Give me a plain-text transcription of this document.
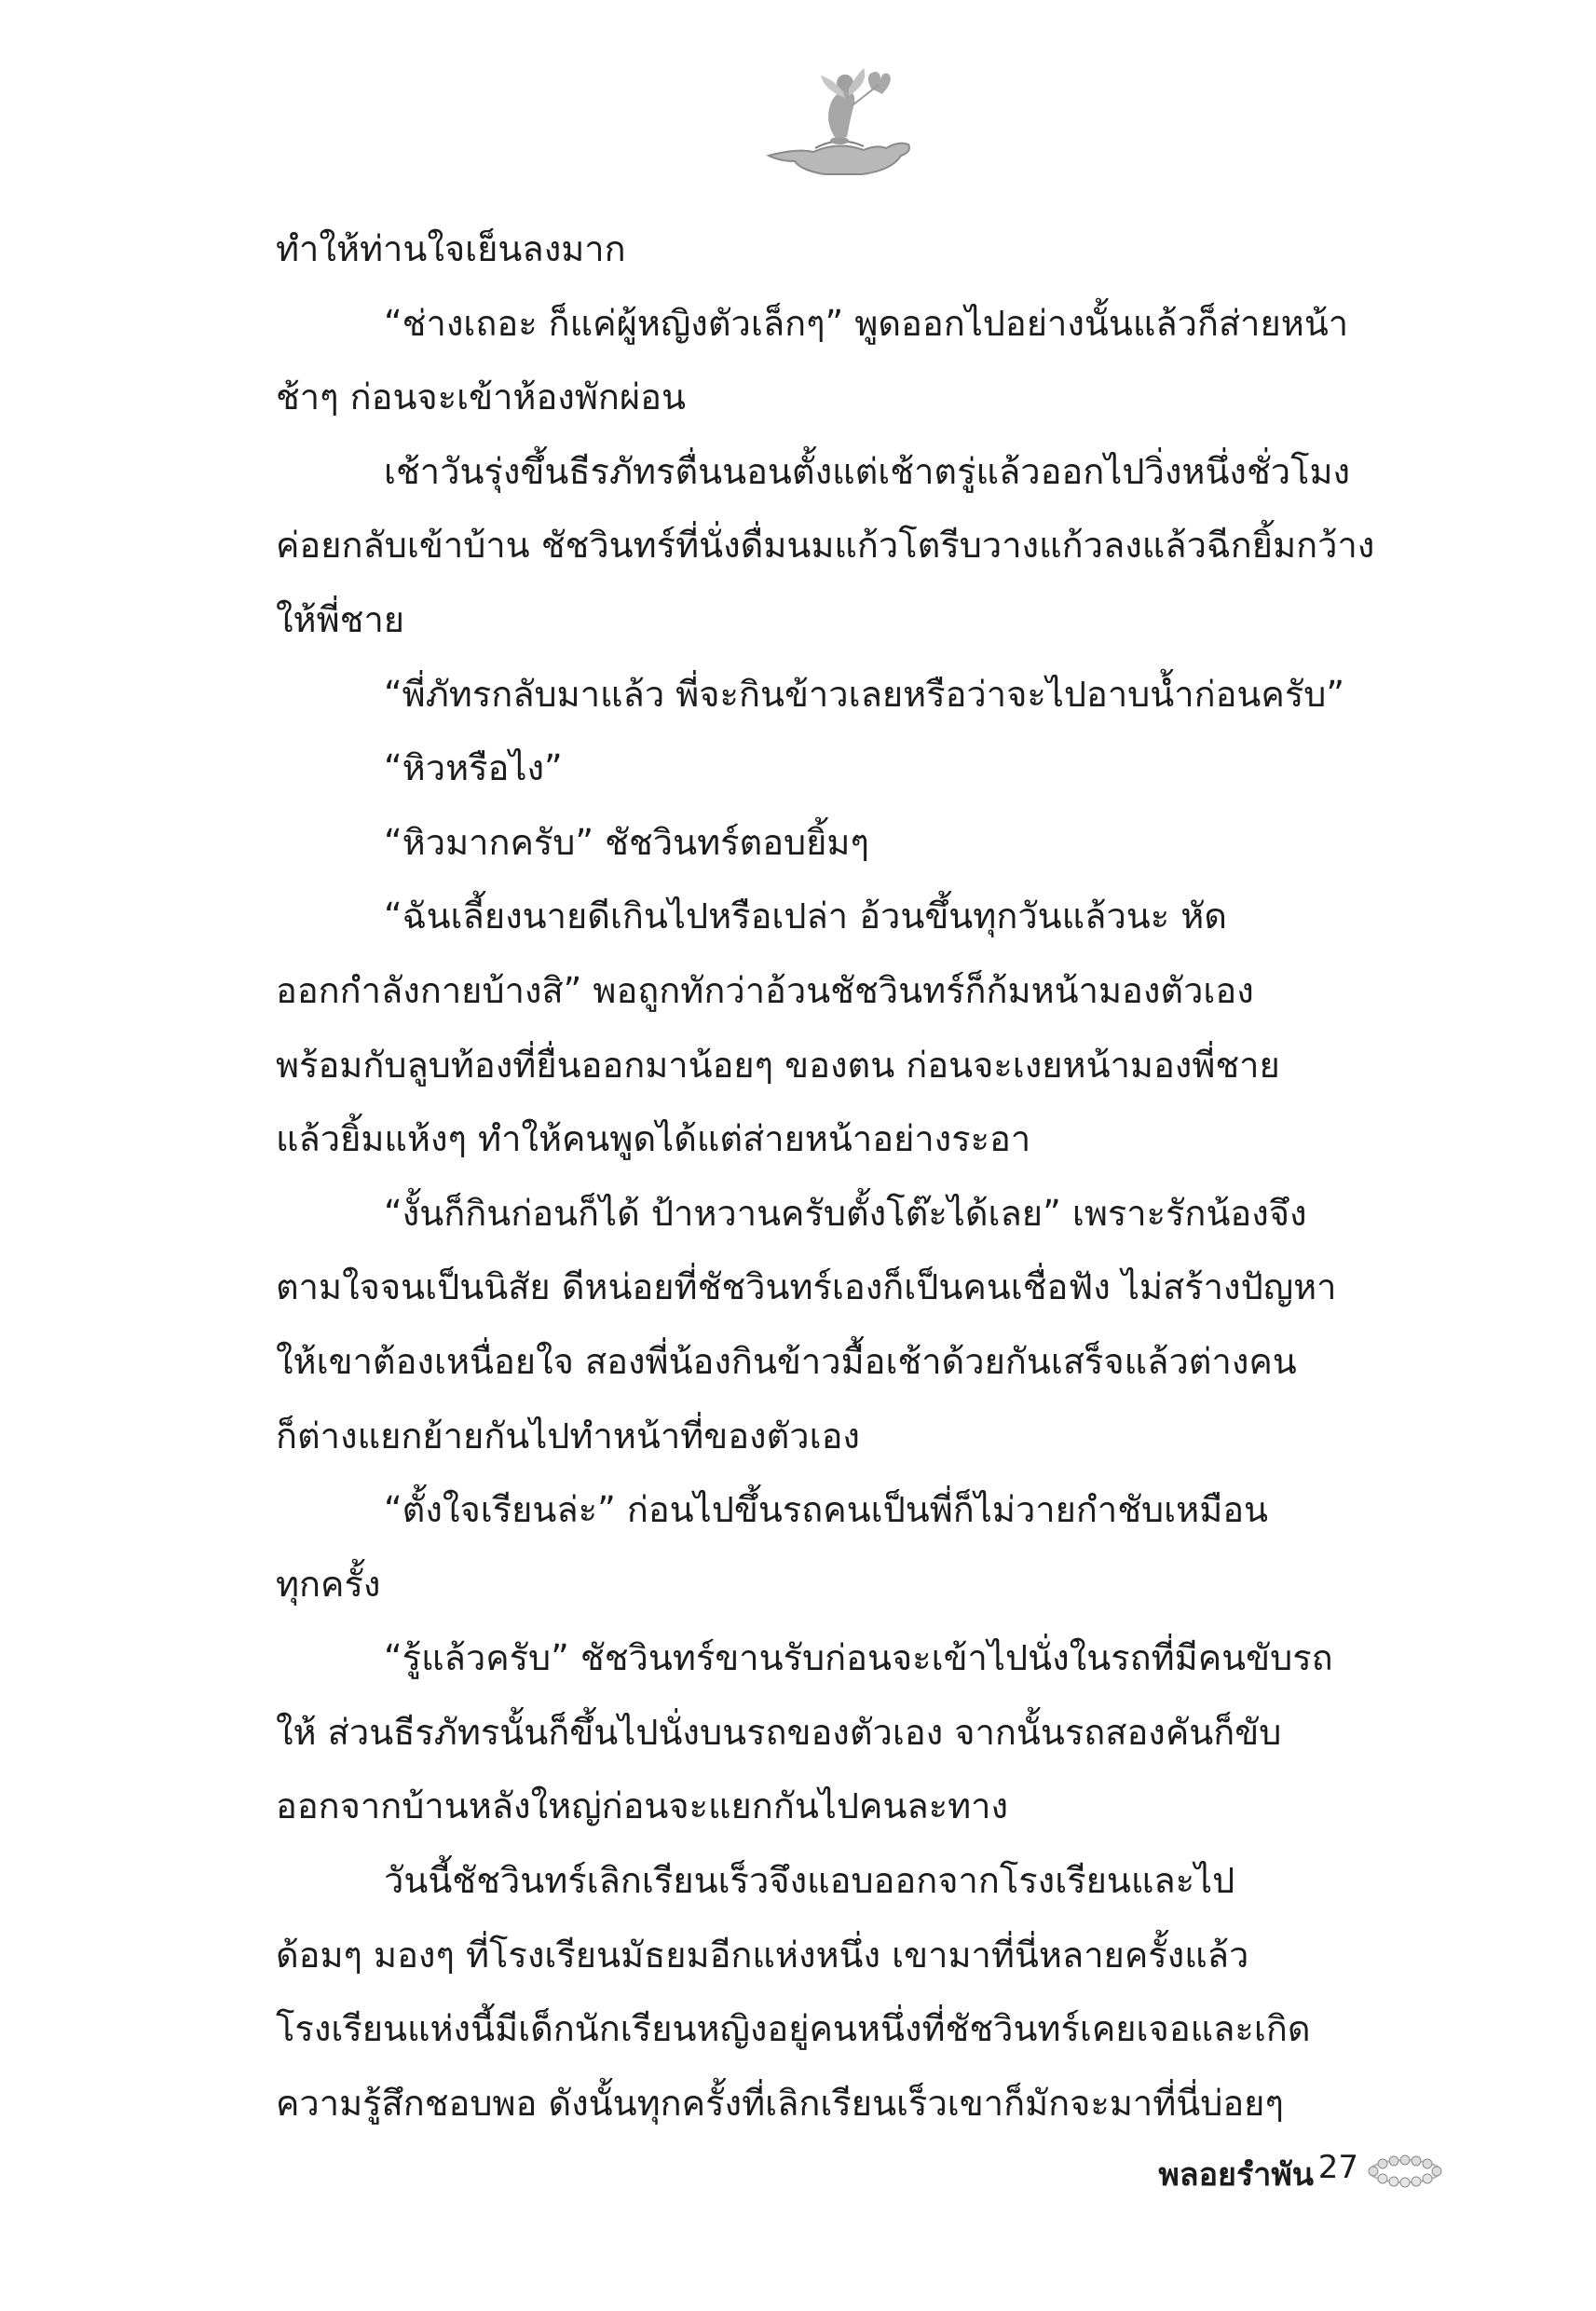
ทำให้ท่านใจเย็นลงมาก
“ช่างเถอะ ก็แค่ผู้หญิงตัวเล็กๆ” พูดออกไปอย่างนั้นแล้วก็ส่ายหน้า
ช้าๆ ก่อนจะเข้าห้องพักผ่อน
เช้าวันรุ่งขึ้นธีรภัทรตื่นนอนตั้งแต่เช้าตรู่แล้วออกไปวิ่งหนึ่งชั่วโมง
ค่อยกลับเข้าบ้าน ชัชวินทร์ที่นั่งดื่มนมแก้วโตรีบวางแก้วลงแล้วฉีกยิ้มกว้าง
ให้พี่ชาย
“พี่ภัทรกลับมาแล้ว พี่จะกินข้าวเลยหรือว่าจะไปอาบน้ำก่อนครับ”
“หิวหรือไง”
“หิวมากครับ” ชัชวินทร์ตอบยิ้มๆ
“ฉันเลี้ยงนายดีเกินไปหรือเปล่า อ้วนขึ้นทุกวันแล้วนะ หัด
ออกกำลังกายบ้างสิ” พอถูกทักว่าอ้วนชัชวินทร์ก็ก้มหน้ามองตัวเอง
พร้อมกับลูบท้องที่ยื่นออกมาน้อยๆ ของตน ก่อนจะเงยหน้ามองพี่ชาย
แล้วยิ้มแห้งๆ ทำให้คนพูดได้แต่ส่ายหน้าอย่างระอา
“งั้นก็กินก่อนก็ได้ ป้าหวานครับตั้งโต๊ะได้เลย” เพราะรักน้องจึง
ตามใจจนเป็นนิสัย ดีหน่อยที่ชัชวินทร์เองก็เป็นคนเชื่อฟัง ไม่สร้างปัญหา
ให้เขาต้องเหนื่อยใจ สองพี่น้องกินข้าวมื้อเช้าด้วยกันเสร็จแล้วต่างคน
ก็ต่างแยกย้ายกันไปทำหน้าที่ของตัวเอง
“ตั้งใจเรียนล่ะ” ก่อนไปขึ้นรถคนเป็นพี่ก็ไม่วายกำชับเหมือน
ทุกครั้ง
“รู้แล้วครับ” ชัชวินทร์ขานรับก่อนจะเข้าไปนั่งในรถที่มีคนขับรถ
ให้ ส่วนธีรภัทรนั้นก็ขึ้นไปนั่งบนรถของตัวเอง จากนั้นรถสองคันก็ขับ
ออกจากบ้านหลังใหญ่ก่อนจะแยกกันไปคนละทาง
วันนี้ชัชวินทร์เลิกเรียนเร็วจึงแอบออกจากโรงเรียนและไป
ด้อมๆ มองๆ ที่โรงเรียนมัธยมอีกแห่งหนึ่ง เขามาที่นี่หลายครั้งแล้ว
โรงเรียนแห่งนี้มีเด็กนักเรียนหญิงอยู่คนหนึ่งที่ชัชวินทร์เคยเจอและเกิด
ความรู้สึกชอบพอ ดังนั้นทุกครั้งที่เลิกเรียนเร็วเขาก็มักจะมาที่นี่บ่อยๆ
พลอยรำพัน 27
